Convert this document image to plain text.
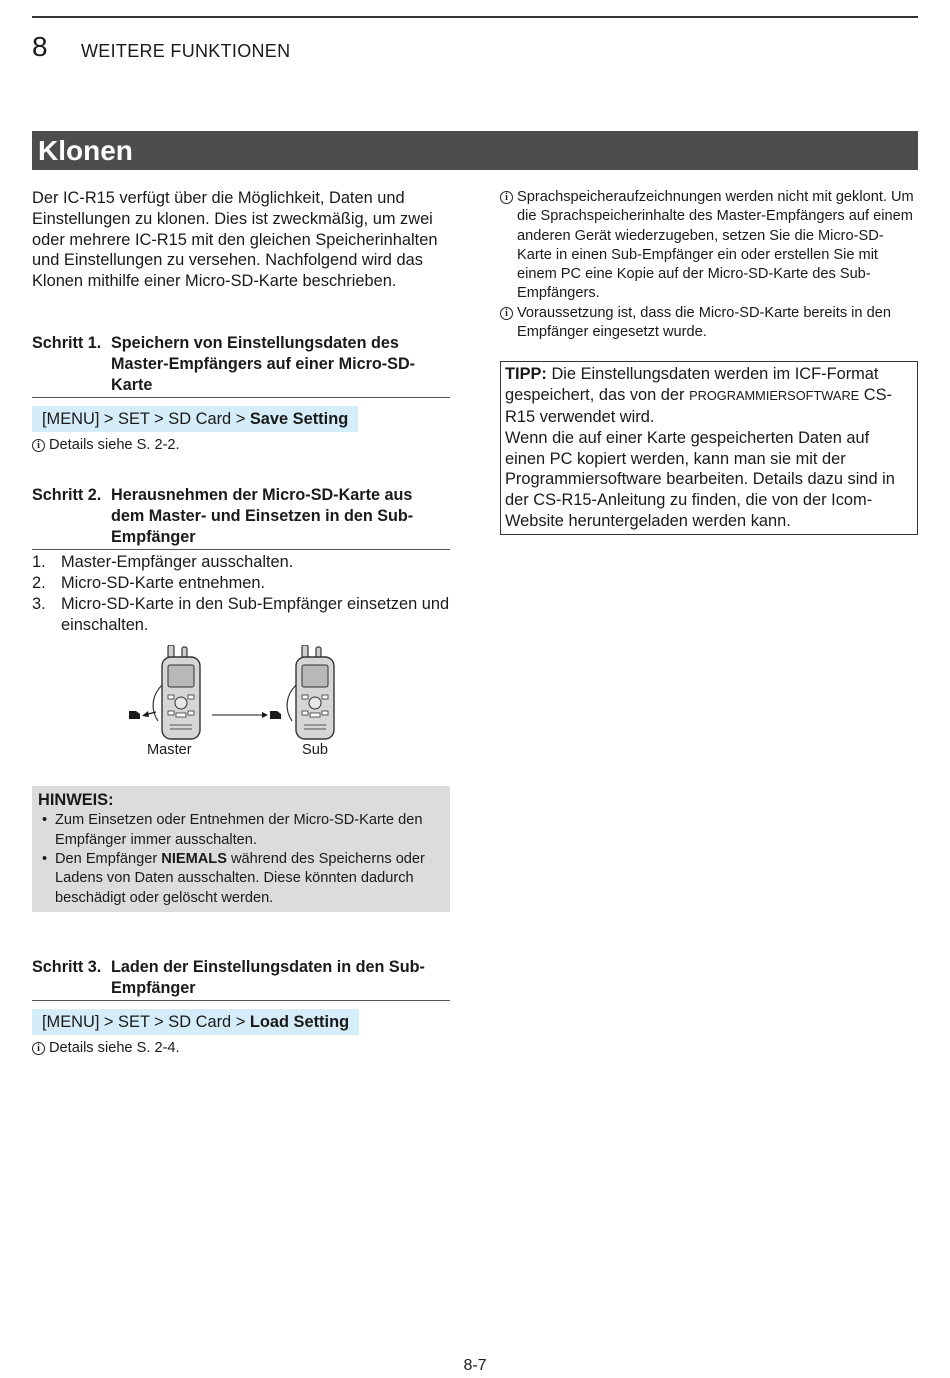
8 WEITERE FUNKTIONEN
Klonen

Der IC-R15 verfügt über die Möglichkeit, Daten und Einstellungen zu klonen. Dies ist zweckmäßig, um zwei oder mehrere IC-R15 mit den gleichen Speicherinhalten und Einstellungen zu versehen. Nachfolgend wird das Klonen mithilfe einer Micro-SD-Karte beschrieben.

Schritt 1. Speichern von Einstellungsdaten des Master-Empfängers auf einer Micro-SD-Karte
[MENU] > SET > SD Card > Save Setting
i Details siehe S. 2-2.
Schritt 2. Herausnehmen der Micro-SD-Karte aus dem Master- und Einsetzen in den Sub-Empfänger
1. Master-Empfänger ausschalten.
2. Micro-SD-Karte entnehmen.
3. Micro-SD-Karte in den Sub-Empfänger einsetzen und einschalten.
Master	Sub
HINWEIS:
• Zum Einsetzen oder Entnehmen der Micro-SD-Karte den Empfänger immer ausschalten.
• Den Empfänger NIEMALS während des Speicherns oder Ladens von Daten ausschalten. Diese könnten dadurch beschädigt oder gelöscht werden.
Schritt 3. Laden der Einstellungsdaten in den Sub-Empfänger
[MENU] > SET > SD Card > Load Setting
i Details siehe S. 2-4.
i Sprachspeicheraufzeichnungen werden nicht mit geklont. Um die Sprachspeicherinhalte des Master-Empfängers auf einem anderen Gerät wiederzugeben, setzen Sie die Micro-SD-Karte in einen Sub-Empfänger ein oder erstellen Sie mit einem PC eine Kopie auf der Micro-SD-Karte des Sub-Empfängers.
i Voraussetzung ist, dass die Micro-SD-Karte bereits in den Empfänger eingesetzt wurde.
TIPP: Die Einstellungsdaten werden im ICF-Format gespeichert, das von der PROGRAMMIERSOFTWARE CS-R15 verwendet wird.
Wenn die auf einer Karte gespeicherten Daten auf einen PC kopiert werden, kann man sie mit der Programmiersoftware bearbeiten. Details dazu sind in der CS-R15-Anleitung zu finden, die von der Icom-Website heruntergeladen werden kann.
8-7
